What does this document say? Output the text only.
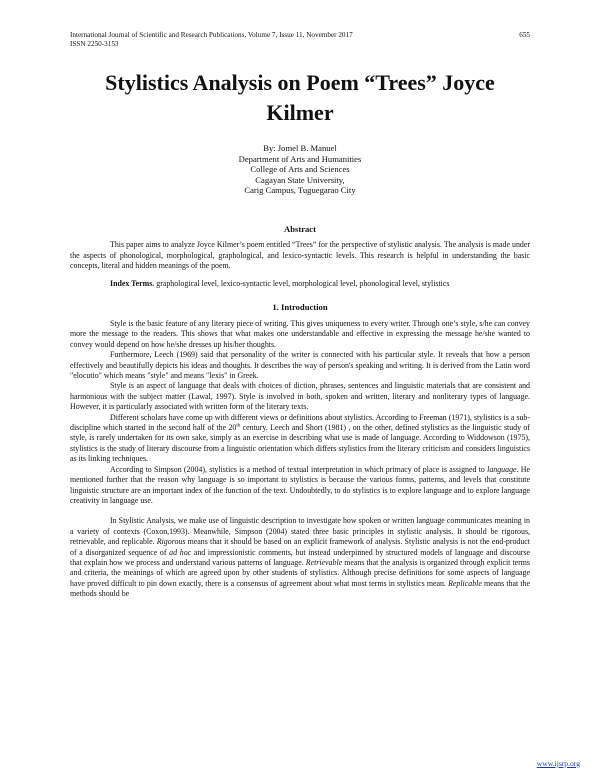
International Journal of Scientific and Research Publications, Volume 7, Issue 11, November 2017
ISSN 2250-3153
655
Stylistics Analysis on Poem “Trees” Joyce
Kilmer
By: Jomel B. Manuel
Department of Arts and Humanities
College of Arts and Sciences
Cagayan State University,
Carig Campus, Tuguegarao City
Abstract

This paper aims to analyze Joyce Kilmer’s poem entitled “Trees” for the perspective of stylistic analysis. The analysis is made under the aspects of phonological, morphological, graphological, and lexico-syntactic levels. This research is helpful in understanding the basic concepts, literal and hidden meanings of the poem.

Index Terms. graphological level, lexico-syntactic level, morphological level, phonological level, stylistics

1. Introduction

Style is the basic feature of any literary piece of writing. This gives uniqueness to every writer. Through one’s style, s/he can convey more the message to the readers. This shows that what makes one understandable and effective in expressing the message he/she wanted to convey would depend on how he/she dresses up his/her thoughts.

Furthermore, Leech (1969) said that personality of the writer is connected with his particular style. It reveals that how a person effectively and beautifully depicts his ideas and thoughts. It describes the way of person's speaking and writing. It is derived from the Latin word "elocutio" which means "style" and means "lexis" in Greek.

Style is an aspect of language that deals with choices of diction, phrases, sentences and linguistic materials that are consistent and harmonious with the subject matter (Lawal, 1997). Style is involved in both, spoken and written, literary and nonliterary types of language. However, it is particularly associated with written form of the literary texts.

Different scholars have come up with different views or definitions about stylistics. According to Freeman (1971), stylistics is a sub-discipline which started in the second half of the 20th century. Leech and Short (1981) , on the other, defined stylistics as the linguistic study of style, is rarely undertaken for its own sake, simply as an exercise in describing what use is made of language. According to Widdowson (1975), stylistics is the study of literary discourse from a linguistic orientation which differs stylistics from the literary criticism and considers linguistics as its linking techniques.

According to Simpson (2004), stylistics is a method of textual interpretation in which primacy of place is assigned to language. He mentioned further that the reason why language is so important to stylistics is because the various forms, patterns, and levels that constitute linguistic structure are an important index of the function of the text. Undoubtedly, to do stylistics is to explore language and to explore language creativity in language use.

In Stylistic Analysis, we make use of linguistic description to investigate how spoken or written language communicates meaning in a variety of contexts (Coxon,1993). Meanwhile, Simpson (2004) stated three basic principles in stylistic analysis. It should be rigorous, retrievable, and replicable. Rigorous means that it should be based on an explicit framework of analysis. Stylistic analysis is not the end-product of a disorganized sequence of ad hoc and impressionistic comments, but instead underpinned by structured models of language and discourse that explain how we process and understand various patterns of language. Retrievable means that the analysis is organized through explicit terms and criteria, the meanings of which are agreed upon by other students of stylistics. Although precise definitions for some aspects of language have proved difficult to pin down exactly, there is a consensus of agreement about what most terms in stylistics mean. Replicable means that the methods should be

www.ijsrp.org
